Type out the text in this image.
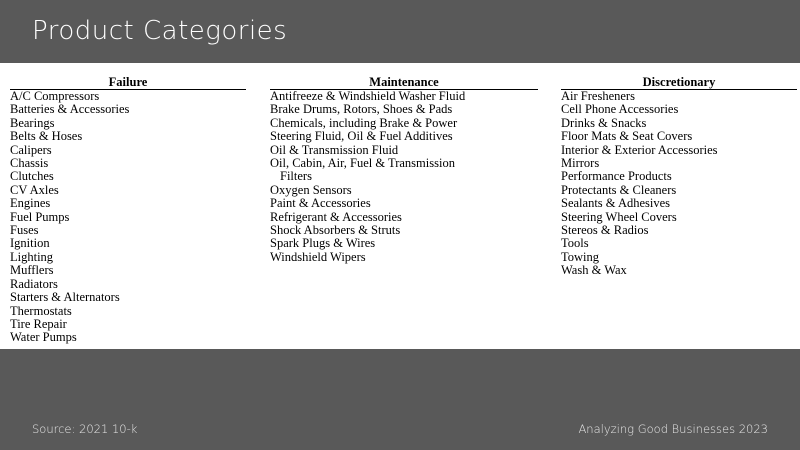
Product Categories
Failure
A/C Compressors
Batteries & Accessories
Bearings
Belts & Hoses
Calipers
Chassis
Clutches
CV Axles
Engines
Fuel Pumps
Fuses
Ignition
Lighting
Mufflers
Radiators
Starters & Alternators
Thermostats
Tire Repair
Water Pumps
Maintenance
Antifreeze & Windshield Washer Fluid
Brake Drums, Rotors, Shoes & Pads
Chemicals, including Brake & Power
Steering Fluid, Oil & Fuel Additives
Oil & Transmission Fluid
Oil, Cabin, Air, Fuel & Transmission
Filters
Oxygen Sensors
Paint & Accessories
Refrigerant & Accessories
Shock Absorbers & Struts
Spark Plugs & Wires
Windshield Wipers
Discretionary
Air Fresheners
Cell Phone Accessories
Drinks & Snacks
Floor Mats & Seat Covers
Interior & Exterior Accessories
Mirrors
Performance Products
Protectants & Cleaners
Sealants & Adhesives
Steering Wheel Covers
Stereos & Radios
Tools
Towing
Wash & Wax
Source: 2021 10-k	Analyzing Good Businesses 2023
